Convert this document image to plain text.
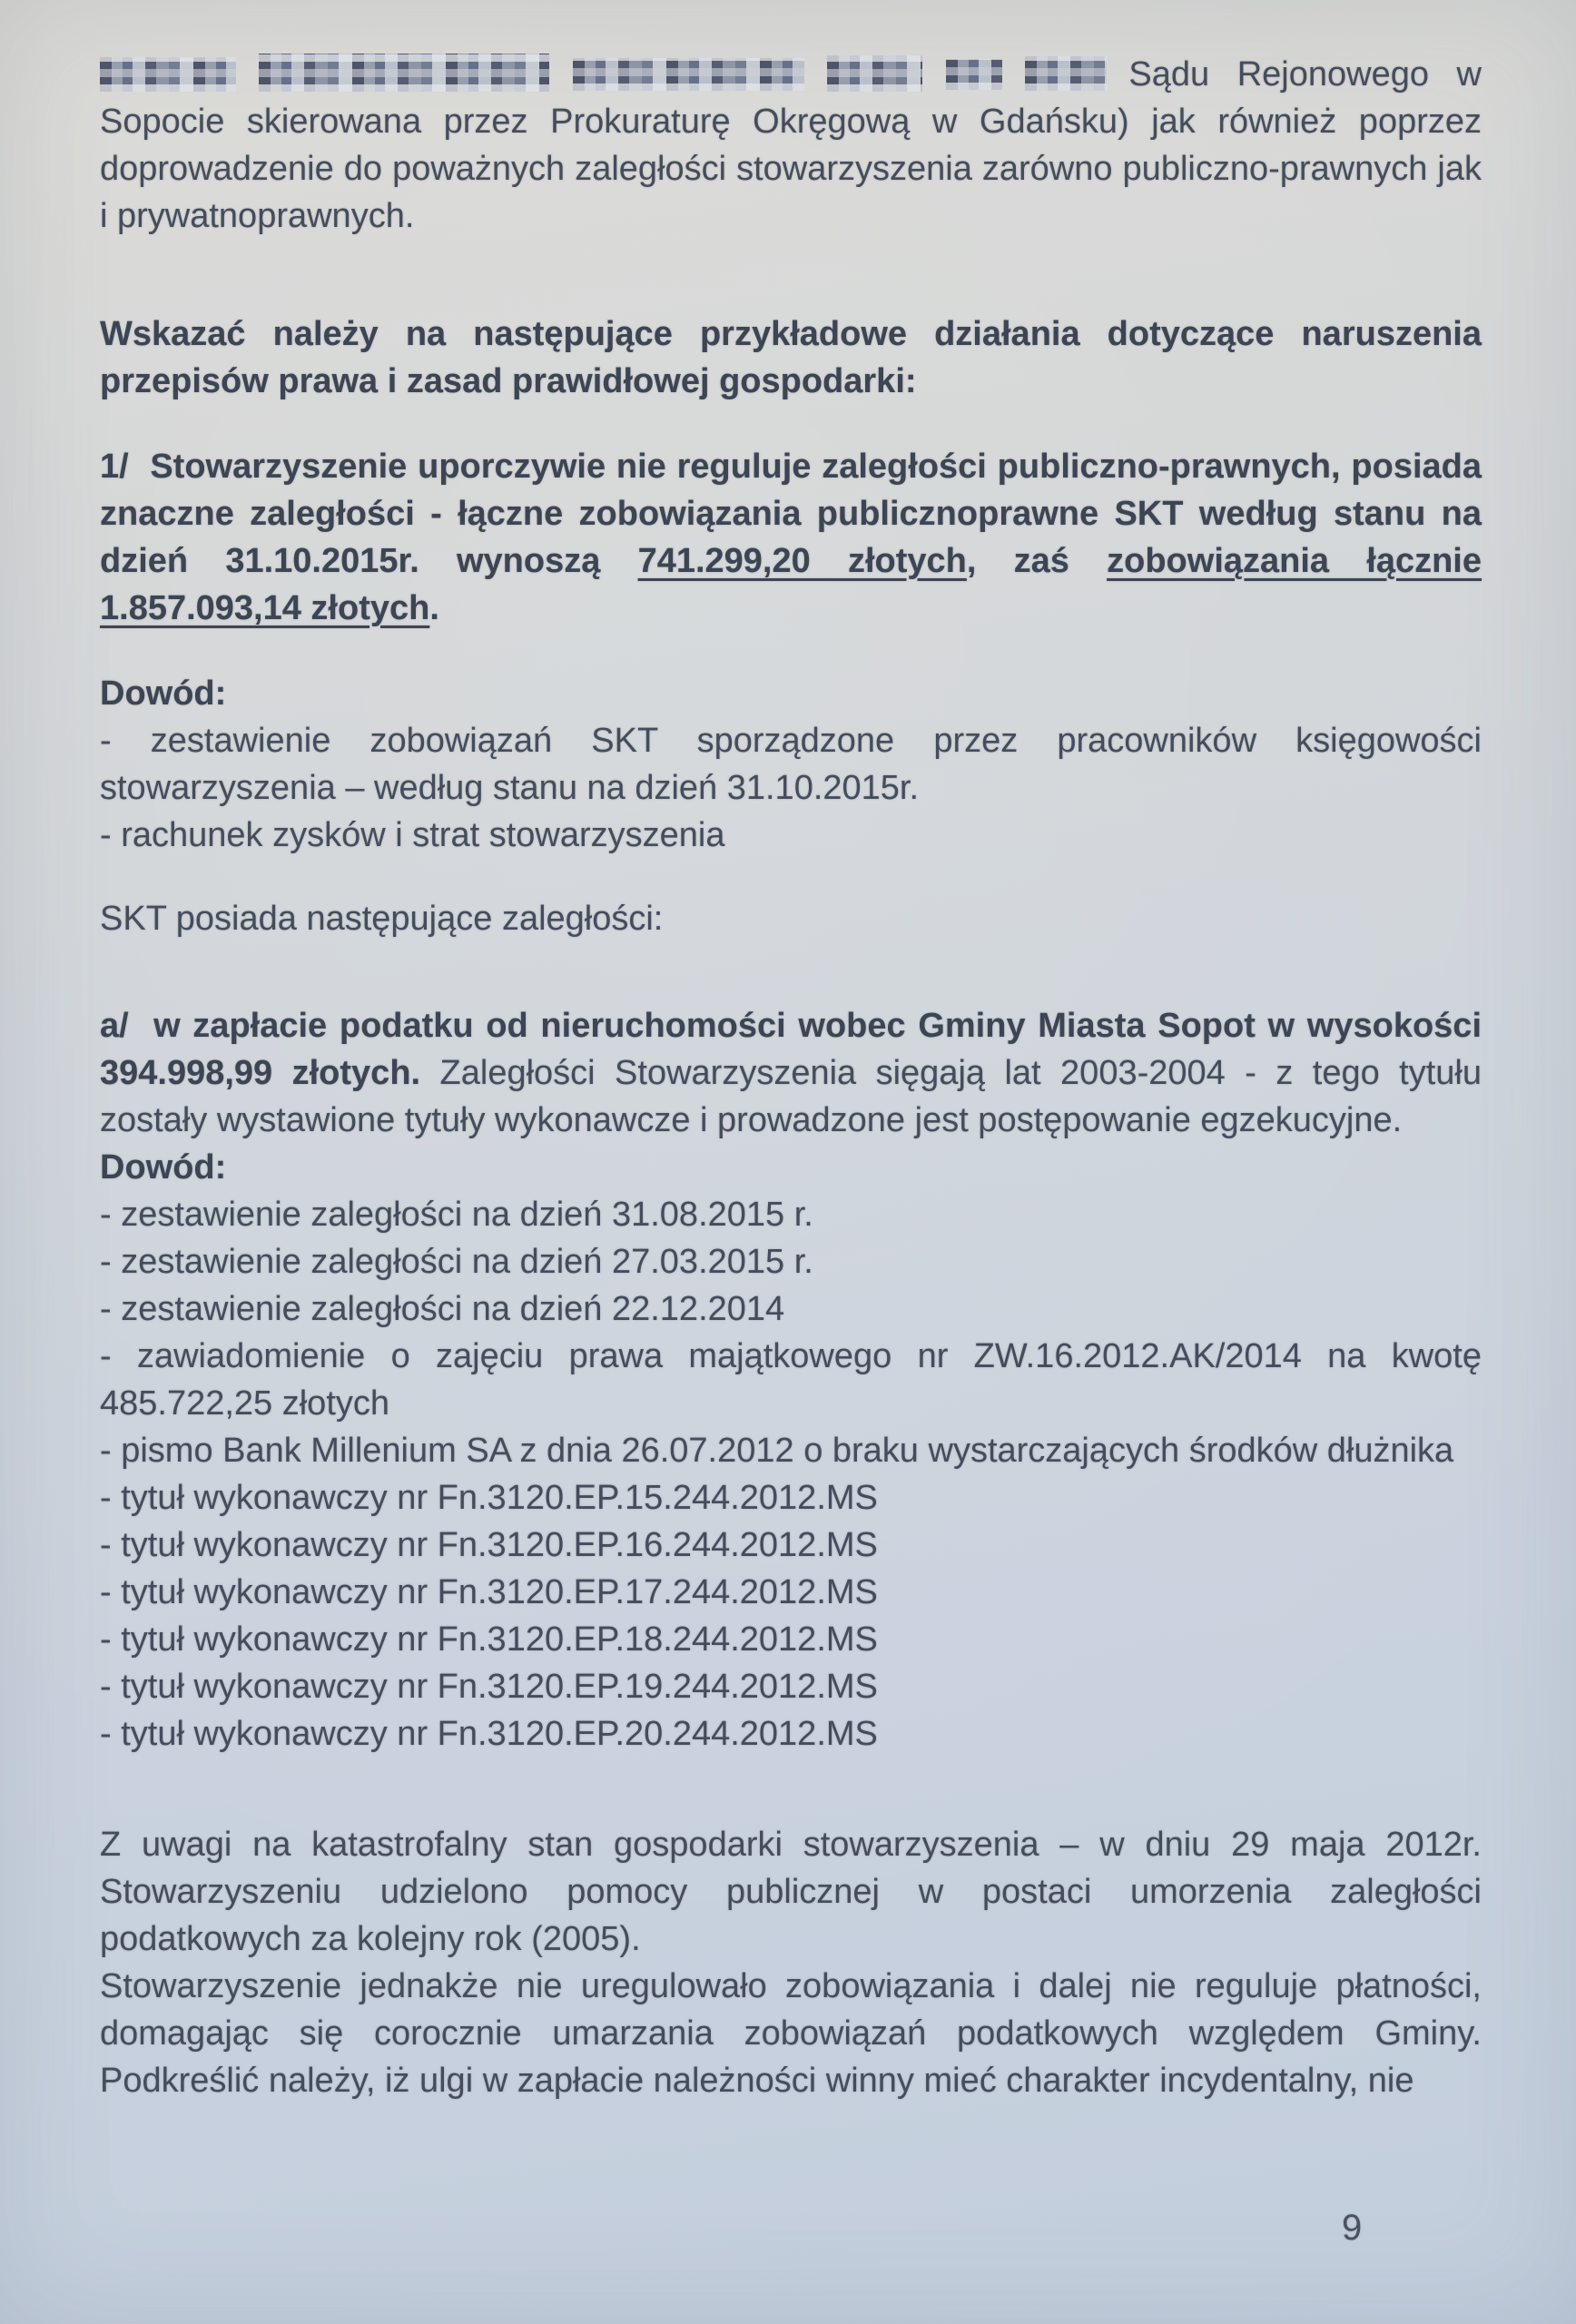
Sądu Rejonowego w

Sopocie skierowana przez Prokuraturę Okręgową w Gdańsku) jak również poprzez doprowadzenie do poważnych zaległości stowarzyszenia zarówno publiczno-prawnych jak i prywatnoprawnych.

Wskazać należy na następujące przykładowe działania dotyczące naruszenia przepisów prawa i zasad prawidłowej gospodarki:

1/  Stowarzyszenie uporczywie nie reguluje zaległości publiczno-prawnych, posiada znaczne zaległości - łączne zobowiązania publicznoprawne SKT według stanu na dzień 31.10.2015r. wynoszą 741.299,20 złotych, zaś zobowiązania łącznie 1.857.093,14 złotych.

Dowód:
- zestawienie zobowiązań SKT sporządzone przez pracowników księgowości stowarzyszenia – według stanu na dzień 31.10.2015r.
- rachunek zysków i strat stowarzyszenia

SKT posiada następujące zaległości:

a/  w zapłacie podatku od nieruchomości wobec Gminy Miasta Sopot w wysokości 394.998,99 złotych. Zaległości Stowarzyszenia sięgają lat 2003-2004 - z tego tytułu zostały wystawione tytuły wykonawcze i prowadzone jest postępowanie egzekucyjne.

Dowód:
- zestawienie zaległości na dzień 31.08.2015 r.
- zestawienie zaległości na dzień 27.03.2015 r.
- zestawienie zaległości na dzień 22.12.2014
- zawiadomienie o zajęciu prawa majątkowego nr ZW.16.2012.AK/2014 na kwotę 485.722,25 złotych
- pismo Bank Millenium SA z dnia 26.07.2012 o braku wystarczających środków dłużnika
- tytuł wykonawczy nr Fn.3120.EP.15.244.2012.MS
- tytuł wykonawczy nr Fn.3120.EP.16.244.2012.MS
- tytuł wykonawczy nr Fn.3120.EP.17.244.2012.MS
- tytuł wykonawczy nr Fn.3120.EP.18.244.2012.MS
- tytuł wykonawczy nr Fn.3120.EP.19.244.2012.MS
- tytuł wykonawczy nr Fn.3120.EP.20.244.2012.MS

Z uwagi na katastrofalny stan gospodarki stowarzyszenia – w dniu 29 maja 2012r. Stowarzyszeniu udzielono pomocy publicznej w postaci umorzenia zaległości podatkowych za kolejny rok (2005).

Stowarzyszenie jednakże nie uregulowało zobowiązania i dalej nie reguluje płatności, domagając się corocznie umarzania zobowiązań podatkowych względem Gminy. Podkreślić należy, iż ulgi w zapłacie należności winny mieć charakter incydentalny, nie

9
